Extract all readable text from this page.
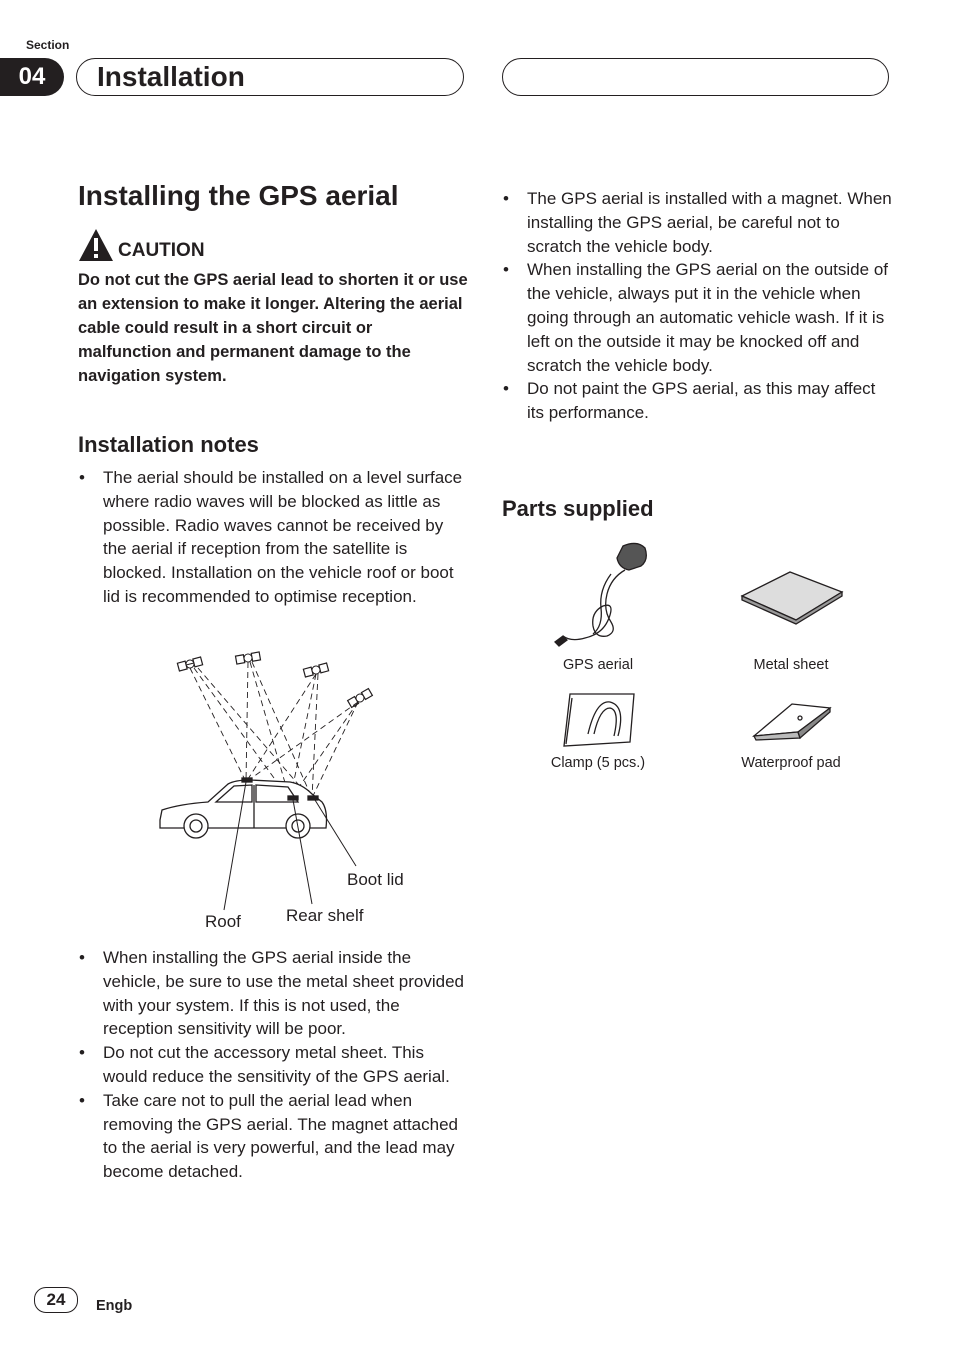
Section
04	Installation
Installing the GPS aerial
CAUTION

Do not cut the GPS aerial lead to shorten it or use an extension to make it longer. Altering the aerial cable could result in a short circuit or malfunction and permanent damage to the navigation system.

Installation notes
• The aerial should be installed on a level surface where radio waves will be blocked as little as possible. Radio waves cannot be received by the aerial if reception from the satellite is blocked. Installation on the vehicle roof or boot lid is recommended to optimise reception.
Boot lid
Roof	Rear shelf
• When installing the GPS aerial inside the vehicle, be sure to use the metal sheet provided with your system. If this is not used, the reception sensitivity will be poor.
• Do not cut the accessory metal sheet. This would reduce the sensitivity of the GPS aerial.
• Take care not to pull the aerial lead when removing the GPS aerial. The magnet attached to the aerial is very powerful, and the lead may become detached.
• The GPS aerial is installed with a magnet. When installing the GPS aerial, be careful not to scratch the vehicle body.
• When installing the GPS aerial on the outside of the vehicle, always put it in the vehicle when going through an automatic vehicle wash. If it is left on the outside it may be knocked off and scratch the vehicle body.
• Do not paint the GPS aerial, as this may affect its performance.
Parts supplied
GPS aerial	Metal sheet
Clamp (5 pcs.)	Waterproof pad
24	Engb
